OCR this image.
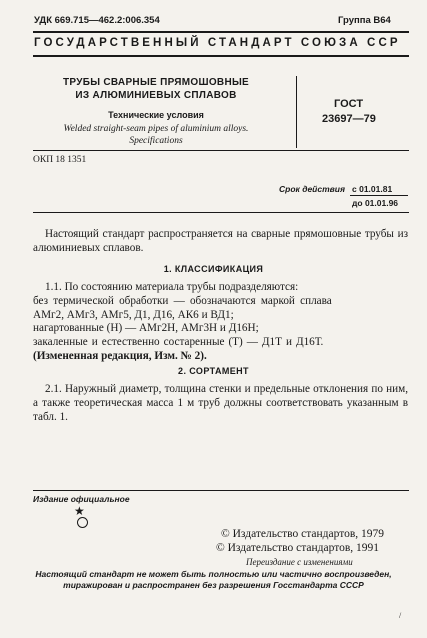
УДК 669.715—462.2:006.354	Группа В64
ГОСУДАРСТВЕННЫЙ СТАНДАРТ СОЮЗА ССР
ТРУБЫ СВАРНЫЕ ПРЯМОШОВНЫЕ
ИЗ АЛЮМИНИЕВЫХ СПЛАВОВ
Технические условия
Welded straight-seam pipes of aluminium alloys.
Specifications
ГОСТ
23697—79
ОКП 18 1351
Срок действия с 01.01.81
до 01.01.96
Настоящий стандарт распространяется на сварные прямошовные трубы из алюминиевых сплавов.
1. КЛАССИФИКАЦИЯ
1.1. По состоянию материала трубы подразделяются:
без термической обработки — обозначаются маркой сплава
АМг2, АМг3, АМг5, Д1, Д16, АК6 и ВД1;
нагартованные (Н) — АМг2Н, АМг3Н и Д16Н;
закаленные и естественно состаренные (Т) — Д1Т и Д16Т.
(Измененная редакция, Изм. № 2).
2. СОРТАМЕНТ
2.1. Наружный диаметр, толщина стенки и предельные отклонения по ним, а также теоретическая масса 1 м труб должны соответствовать указанным в табл. 1.
Издание официальное
★
© Издательство стандартов, 1979
© Издательство стандартов, 1991
Переиздание с изменениями
Настоящий стандарт не может быть полностью или частично воспроизведен,
тиражирован и распространен без разрешения Госстандарта СССР
/
